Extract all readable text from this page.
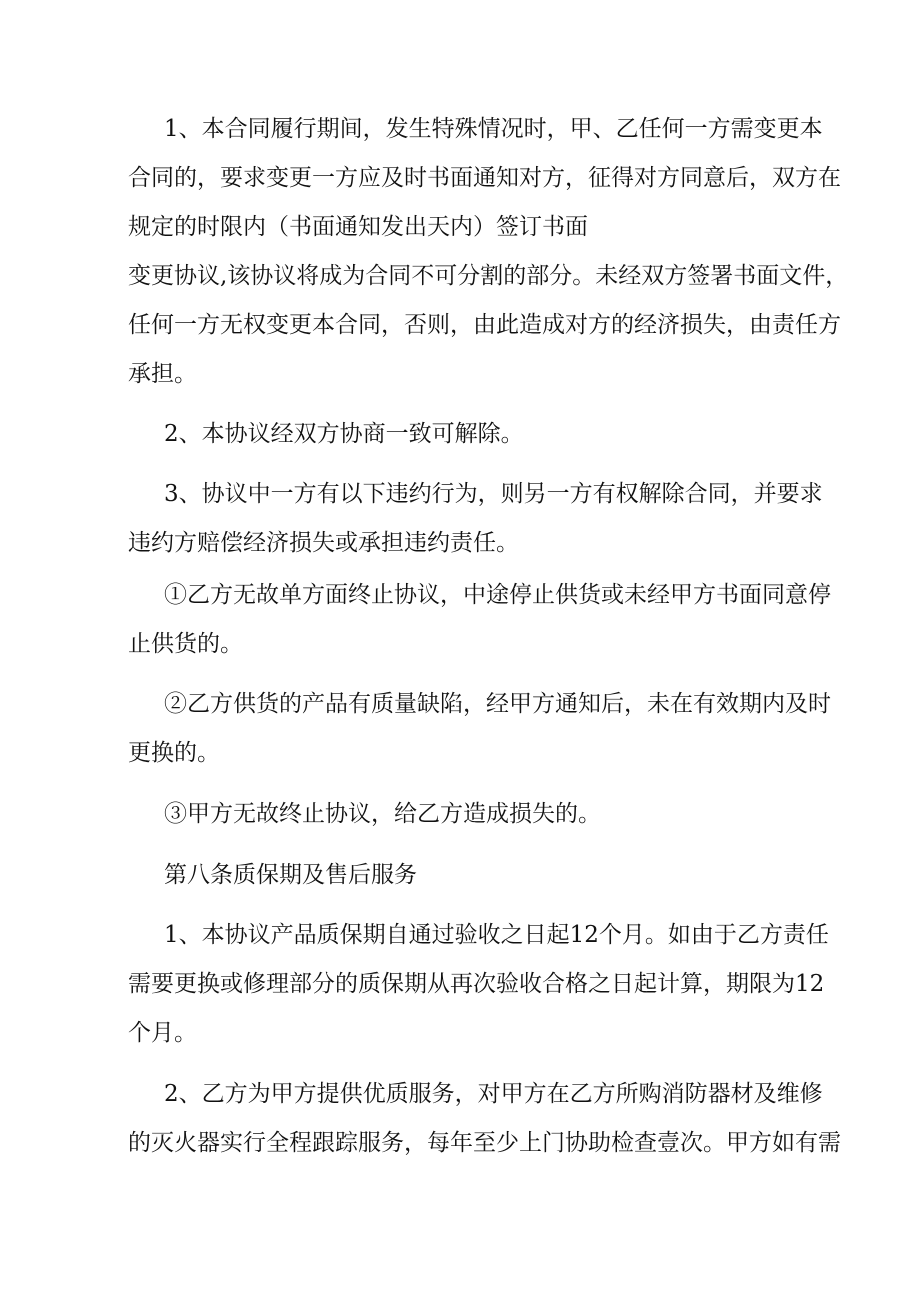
1、本合同履行期间，发生特殊情况时，甲、乙任何一方需变更本

合同的，要求变更一方应及时书面通知对方，征得对方同意后，双方在

规定的时限内（书面通知发出天内）签订书面

变更协议,该协议将成为合同不可分割的部分。未经双方签署书面文件，

任何一方无权变更本合同，否则，由此造成对方的经济损失，由责任方

承担。

2、本协议经双方协商一致可解除。

3、协议中一方有以下违约行为，则另一方有权解除合同，并要求

违约方赔偿经济损失或承担违约责任。

①乙方无故单方面终止协议，中途停止供货或未经甲方书面同意停

止供货的。

②乙方供货的产品有质量缺陷，经甲方通知后，未在有效期内及时

更换的。

③甲方无故终止协议，给乙方造成损失的。

第八条质保期及售后服务

1、本协议产品质保期自通过验收之日起12个月。如由于乙方责任

需要更换或修理部分的质保期从再次验收合格之日起计算，期限为12

个月。

2、乙方为甲方提供优质服务，对甲方在乙方所购消防器材及维修

的灭火器实行全程跟踪服务，每年至少上门协助检查壹次。甲方如有需
